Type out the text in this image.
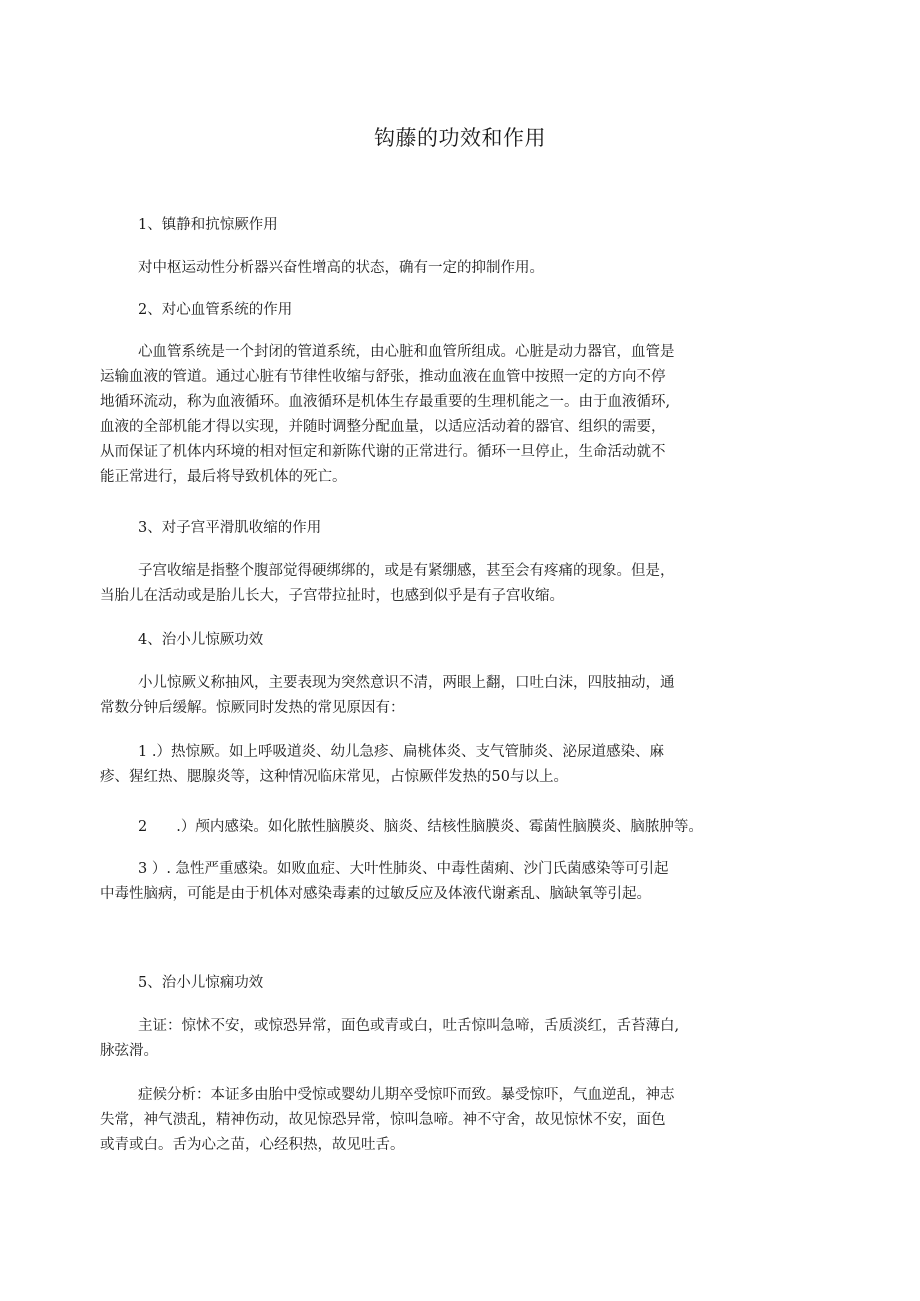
钩藤的功效和作用
1、镇静和抗惊厥作用
对中枢运动性分析器兴奋性增高的状态，确有一定的抑制作用。
2、对心血管系统的作用
心血管系统是一个封闭的管道系统，由心脏和血管所组成。心脏是动力器官，血管是
运输血液的管道。通过心脏有节律性收缩与舒张，推动血液在血管中按照一定的方向不停
地循环流动，称为血液循环。血液循环是机体生存最重要的生理机能之一。由于血液循环,
血液的全部机能才得以实现，并随时调整分配血量，以适应活动着的器官、组织的需要，
从而保证了机体内环境的相对恒定和新陈代谢的正常进行。循环一旦停止，生命活动就不
能正常进行，最后将导致机体的死亡。
3、对子宫平滑肌收缩的作用
子宫收缩是指整个腹部觉得硬绑绑的，或是有紧绷感，甚至会有疼痛的现象。但是，
当胎儿在活动或是胎儿长大，子宫带拉扯时，也感到似乎是有子宫收缩。
4、治小儿惊厥功效
小儿惊厥义称抽风，主要表现为突然意识不清，两眼上翻，口吐白沫，四肢抽动，通
常数分钟后缓解。惊厥同时发热的常见原因有：
1 .）热惊厥。如上呼吸道炎、幼儿急疹、扁桃体炎、支气管肺炎、泌尿道感染、麻
疹、猩红热、腮腺炎等，这种情况临床常见，占惊厥伴发热的50与以上。
2　　.）颅内感染。如化脓性脑膜炎、脑炎、结核性脑膜炎、霉菌性脑膜炎、脑脓肿等。
3 ）. 急性严重感染。如败血症、大叶性肺炎、中毒性菌痢、沙门氏菌感染等可引起
中毒性脑病，可能是由于机体对感染毒素的过敏反应及体液代谢紊乱、脑缺氧等引起。
5、治小儿惊痫功效
主证：惊怵不安，或惊恐异常，面色或青或白，吐舌惊叫急啼，舌质淡红，舌苔薄白,
脉弦滑。
症候分析：本证多由胎中受惊或婴幼儿期卒受惊吓而致。暴受惊吓，气血逆乱，神志
失常，神气溃乱，精神伤动，故见惊恐异常，惊叫急啼。神不守舍，故见惊怵不安，面色
或青或白。舌为心之苗，心经积热，故见吐舌。
